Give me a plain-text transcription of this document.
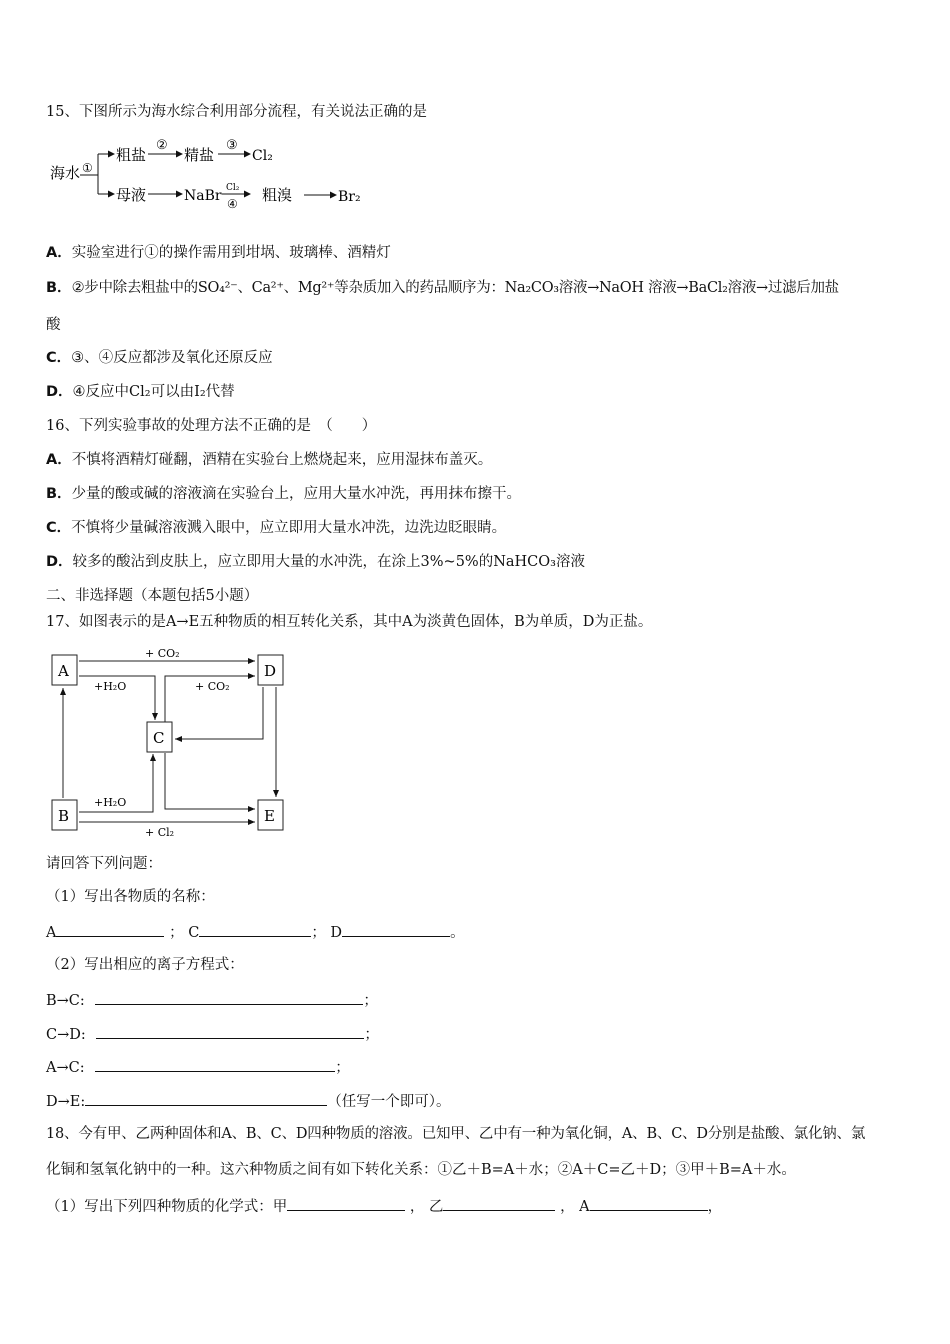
15、下图所示为海水综合利用部分流程，有关说法正确的是
海水 ①
粗盐
②
精盐
③
Cl₂
母液	NaBr Cl₂
④ 粗溴	Br₂
A．实验室进行①的操作需用到坩埚、玻璃棒、酒精灯
B．②步中除去粗盐中的SO₄²⁻、Ca²⁺、Mg²⁺等杂质加入的药品顺序为：Na₂CO₃溶液→NaOH 溶液→BaCl₂溶液→过滤后加盐
酸
C．③、④反应都涉及氧化还原反应
D．④反应中Cl₂可以由I₂代替
16、下列实验事故的处理方法不正确的是　（　　）
A．不慎将酒精灯碰翻，酒精在实验台上燃烧起来，应用湿抹布盖灭。
B．少量的酸或碱的溶液滴在实验台上，应用大量水冲洗，再用抹布擦干。
C．不慎将少量碱溶液溅入眼中，应立即用大量水冲洗，边洗边眨眼睛。
D．较多的酸沾到皮肤上，应立即用大量的水冲洗，在涂上3%~5%的NaHCO₃溶液
二、非选择题（本题包括5小题）
17、如图表示的是A→E五种物质的相互转化关系，其中A为淡黄色固体，B为单质，D为正盐。
A	D
C
B	E
+ CO₂
+H₂O	+ CO₂
+H₂O
+ Cl₂
请回答下列问题：
（1）写出各物质的名称：
A	； C	； D	。
（2）写出相应的离子方程式：
B→C:	；
C→D:	；
A→C:	；
D→E:	（任写一个即可）。
18、今有甲、乙两种固体和A、B、C、D四种物质的溶液。已知甲、乙中有一种为氧化铜，A、B、C、D分别是盐酸、氯化钠、氯
化铜和氢氧化钠中的一种。这六种物质之间有如下转化关系：①乙＋B=A＋水；②A＋C=乙＋D；③甲＋B=A＋水。
（1）写出下列四种物质的化学式：甲	， 乙	， A	，
